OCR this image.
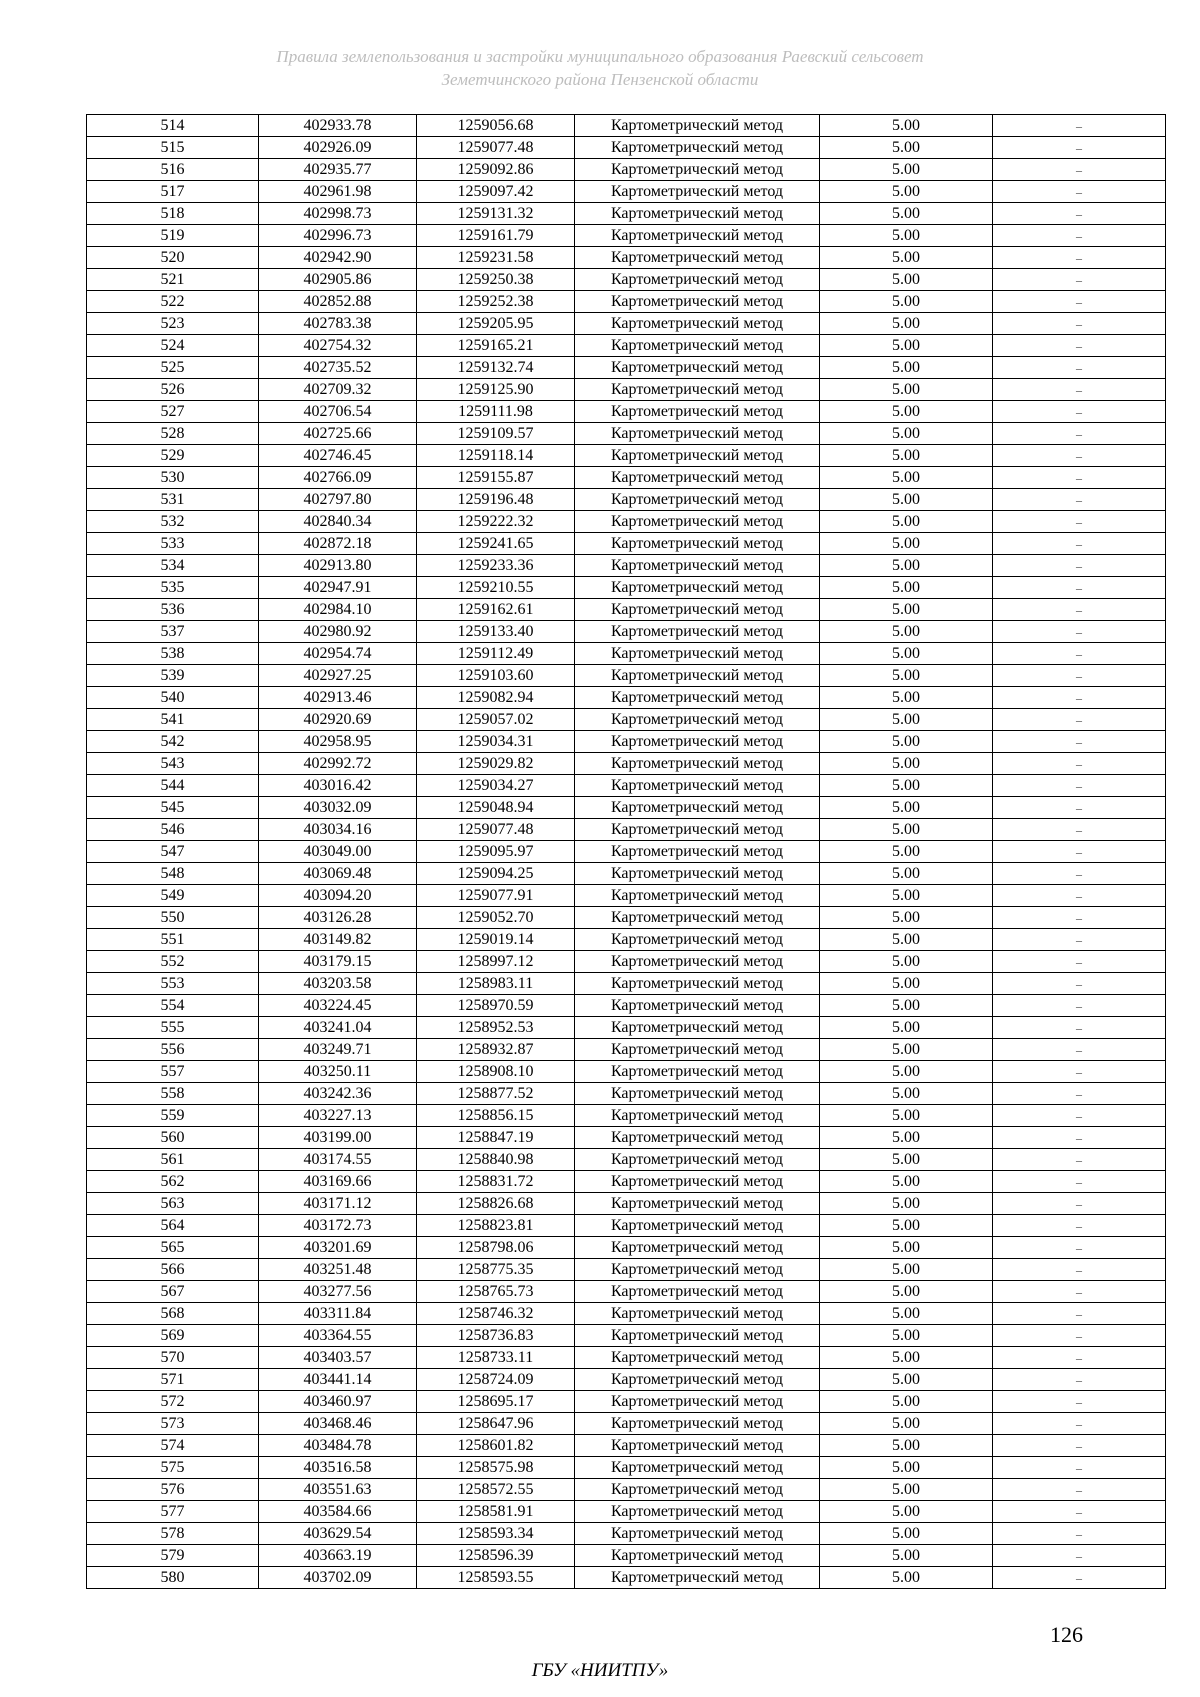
Правила землепользования и застройки муниципального образования Раевский сельсовет
Земетчинского района Пензенской области
514	402933.78	1259056.68	Картометрический метод	5.00	–
515	402926.09	1259077.48	Картометрический метод	5.00	–
516	402935.77	1259092.86	Картометрический метод	5.00	–
517	402961.98	1259097.42	Картометрический метод	5.00	–
518	402998.73	1259131.32	Картометрический метод	5.00	–
519	402996.73	1259161.79	Картометрический метод	5.00	–
520	402942.90	1259231.58	Картометрический метод	5.00	–
521	402905.86	1259250.38	Картометрический метод	5.00	–
522	402852.88	1259252.38	Картометрический метод	5.00	–
523	402783.38	1259205.95	Картометрический метод	5.00	–
524	402754.32	1259165.21	Картометрический метод	5.00	–
525	402735.52	1259132.74	Картометрический метод	5.00	–
526	402709.32	1259125.90	Картометрический метод	5.00	–
527	402706.54	1259111.98	Картометрический метод	5.00	–
528	402725.66	1259109.57	Картометрический метод	5.00	–
529	402746.45	1259118.14	Картометрический метод	5.00	–
530	402766.09	1259155.87	Картометрический метод	5.00	–
531	402797.80	1259196.48	Картометрический метод	5.00	–
532	402840.34	1259222.32	Картометрический метод	5.00	–
533	402872.18	1259241.65	Картометрический метод	5.00	–
534	402913.80	1259233.36	Картометрический метод	5.00	–
535	402947.91	1259210.55	Картометрический метод	5.00	–
536	402984.10	1259162.61	Картометрический метод	5.00	–
537	402980.92	1259133.40	Картометрический метод	5.00	–
538	402954.74	1259112.49	Картометрический метод	5.00	–
539	402927.25	1259103.60	Картометрический метод	5.00	–
540	402913.46	1259082.94	Картометрический метод	5.00	–
541	402920.69	1259057.02	Картометрический метод	5.00	–
542	402958.95	1259034.31	Картометрический метод	5.00	–
543	402992.72	1259029.82	Картометрический метод	5.00	–
544	403016.42	1259034.27	Картометрический метод	5.00	–
545	403032.09	1259048.94	Картометрический метод	5.00	–
546	403034.16	1259077.48	Картометрический метод	5.00	–
547	403049.00	1259095.97	Картометрический метод	5.00	–
548	403069.48	1259094.25	Картометрический метод	5.00	–
549	403094.20	1259077.91	Картометрический метод	5.00	–
550	403126.28	1259052.70	Картометрический метод	5.00	–
551	403149.82	1259019.14	Картометрический метод	5.00	–
552	403179.15	1258997.12	Картометрический метод	5.00	–
553	403203.58	1258983.11	Картометрический метод	5.00	–
554	403224.45	1258970.59	Картометрический метод	5.00	–
555	403241.04	1258952.53	Картометрический метод	5.00	–
556	403249.71	1258932.87	Картометрический метод	5.00	–
557	403250.11	1258908.10	Картометрический метод	5.00	–
558	403242.36	1258877.52	Картометрический метод	5.00	–
559	403227.13	1258856.15	Картометрический метод	5.00	–
560	403199.00	1258847.19	Картометрический метод	5.00	–
561	403174.55	1258840.98	Картометрический метод	5.00	–
562	403169.66	1258831.72	Картометрический метод	5.00	–
563	403171.12	1258826.68	Картометрический метод	5.00	–
564	403172.73	1258823.81	Картометрический метод	5.00	–
565	403201.69	1258798.06	Картометрический метод	5.00	–
566	403251.48	1258775.35	Картометрический метод	5.00	–
567	403277.56	1258765.73	Картометрический метод	5.00	–
568	403311.84	1258746.32	Картометрический метод	5.00	–
569	403364.55	1258736.83	Картометрический метод	5.00	–
570	403403.57	1258733.11	Картометрический метод	5.00	–
571	403441.14	1258724.09	Картометрический метод	5.00	–
572	403460.97	1258695.17	Картометрический метод	5.00	–
573	403468.46	1258647.96	Картометрический метод	5.00	–
574	403484.78	1258601.82	Картометрический метод	5.00	–
575	403516.58	1258575.98	Картометрический метод	5.00	–
576	403551.63	1258572.55	Картометрический метод	5.00	–
577	403584.66	1258581.91	Картометрический метод	5.00	–
578	403629.54	1258593.34	Картометрический метод	5.00	–
579	403663.19	1258596.39	Картометрический метод	5.00	–
580	403702.09	1258593.55	Картометрический метод	5.00	–
126
ГБУ «НИИТПУ»
